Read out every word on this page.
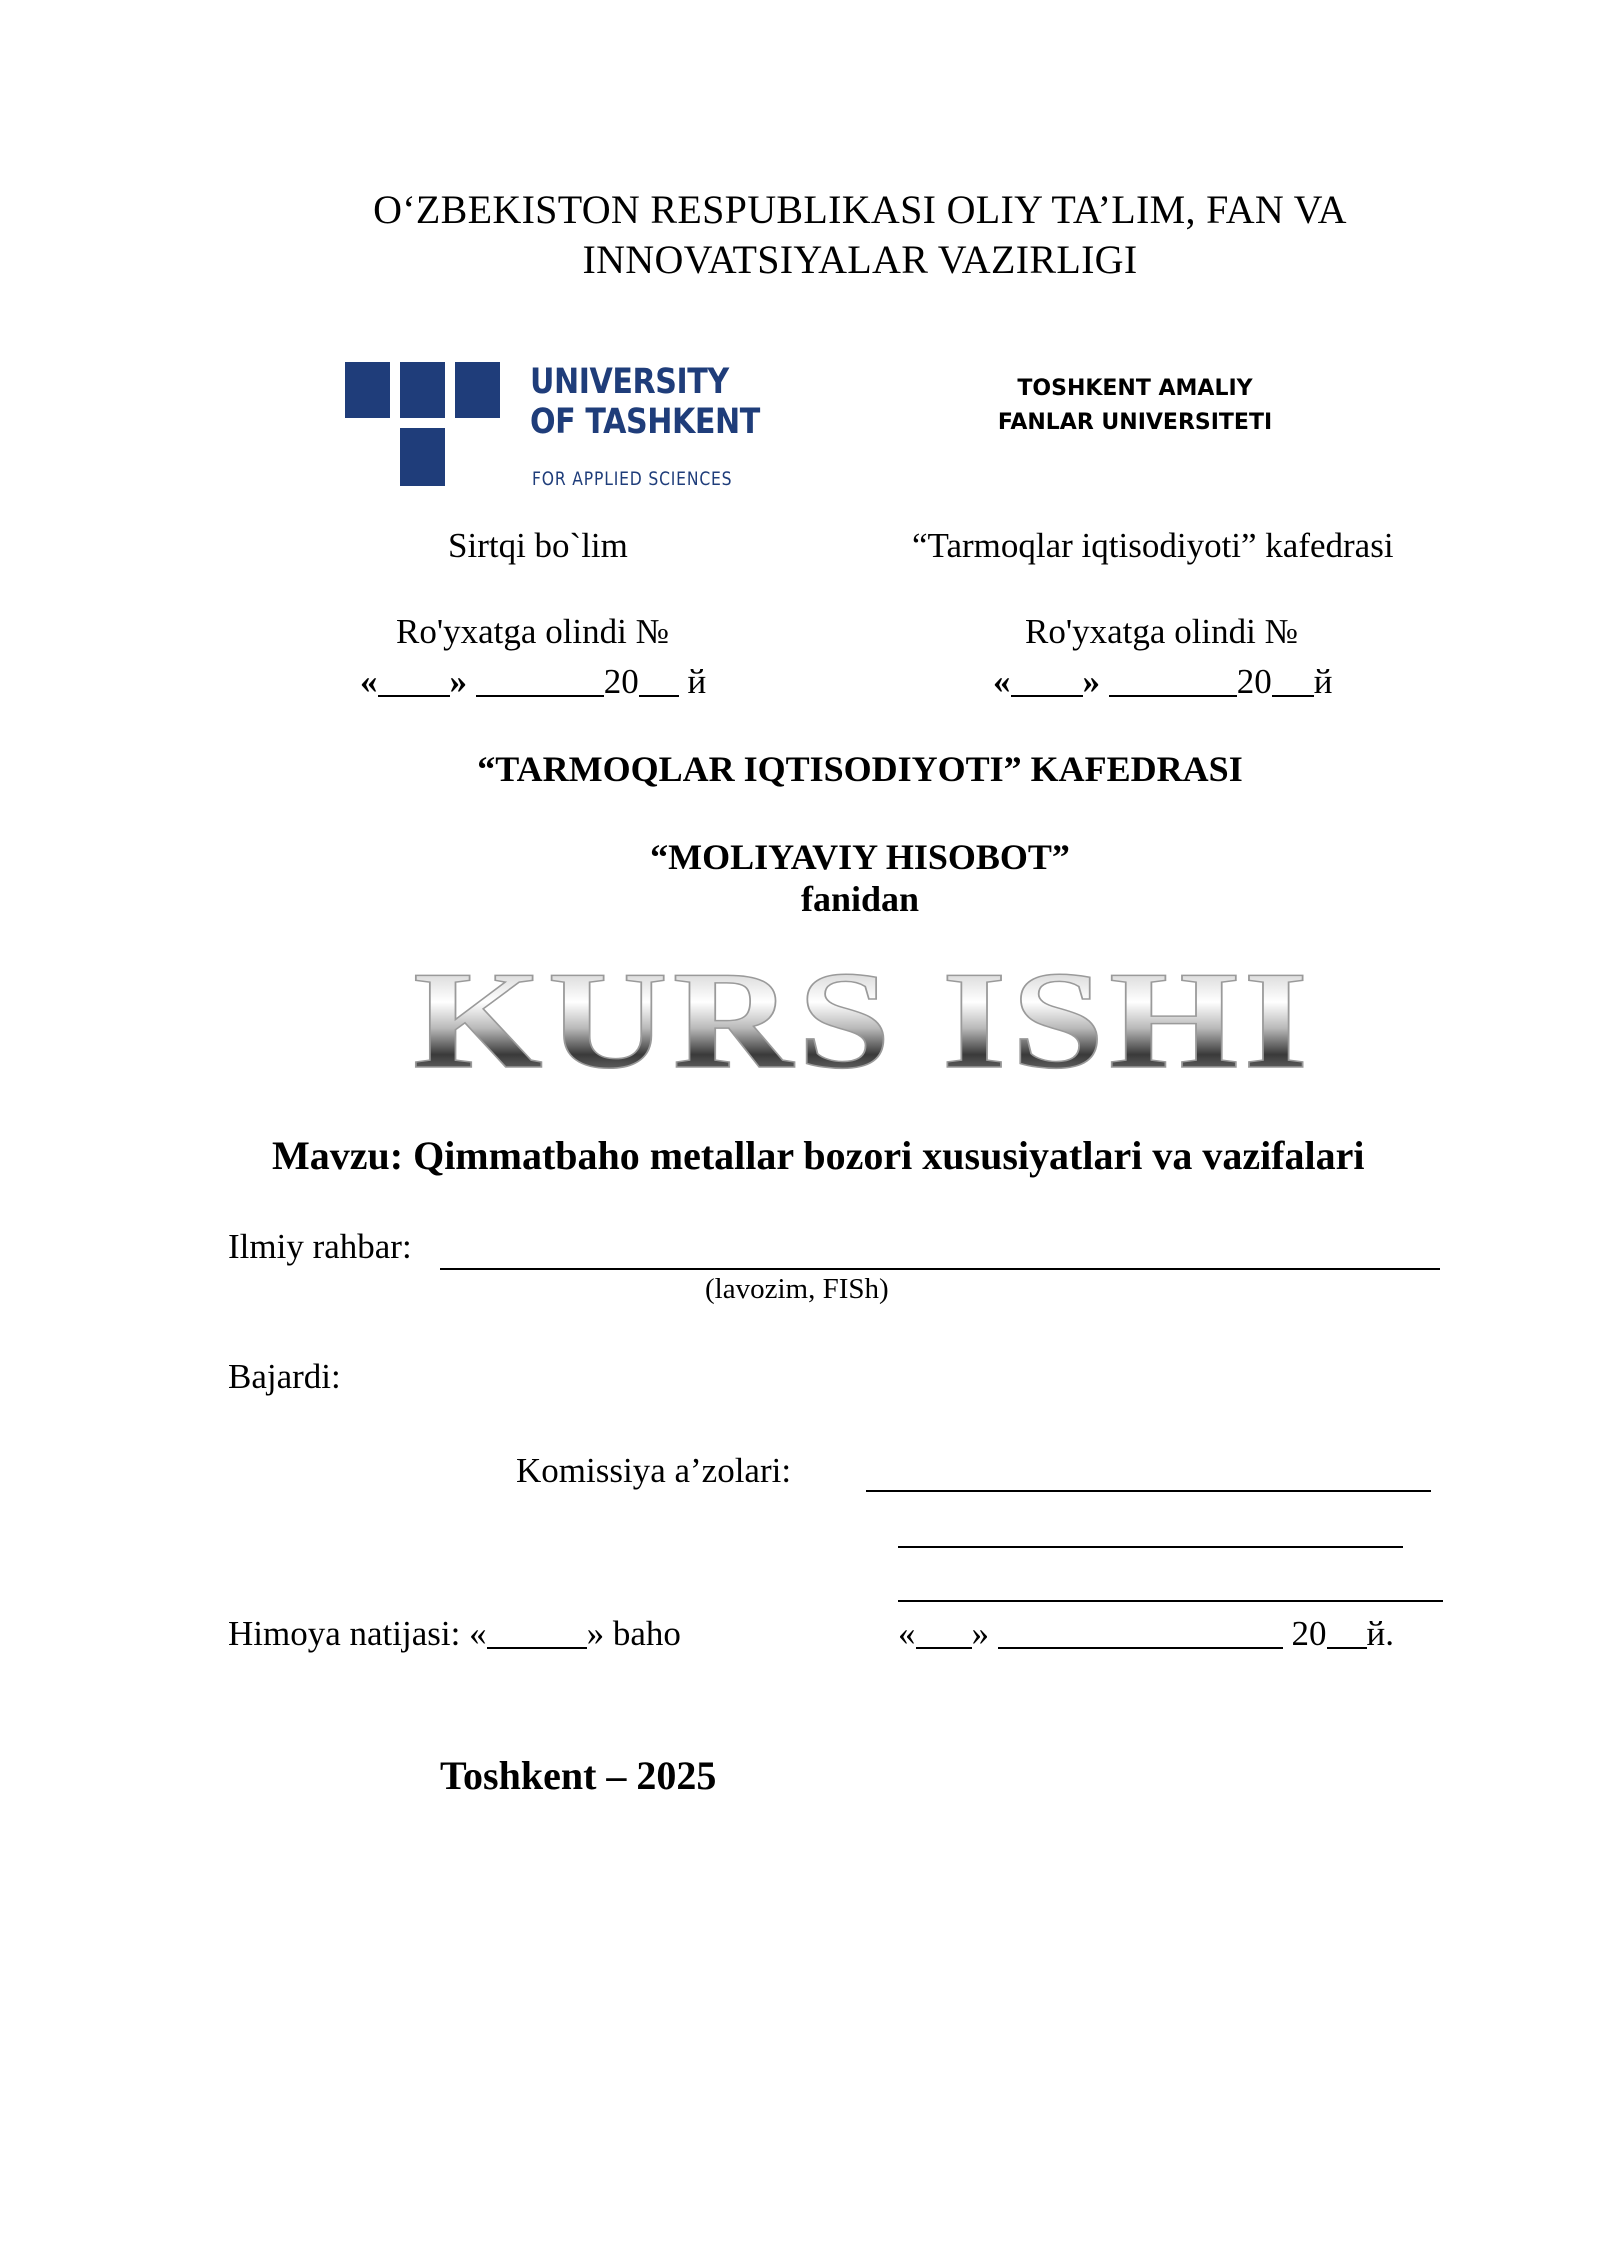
O‘ZBEKISTON RESPUBLIKASI OLIY TA’LIM, FAN VA
INNOVATSIYALAR VAZIRLIGI
UNIVERSITY
OF TASHKENT
FOR APPLIED SCIENCES
TOSHKENT AMALIY
FANLAR UNIVERSITETI
Sirtqi bo`lim	“Tarmoqlar iqtisodiyoti” kafedrasi
Ro'yxatga olindi №	Ro'yxatga olindi №
« »	20 й	« »	20 й
“TARMOQLAR IQTISODIYOTI” KAFEDRASI
“MOLIYAVIY HISOBOT”
fanidan
KURS ISHI
Mavzu: Qimmatbaho metallar bozori xususiyatlari va vazifalari
Ilmiy rahbar:
(lavozim, FISh)
Bajardi:
Komissiya a’zolari:
Himoya natijasi: «	» baho	« »	20 й.
Toshkent – 2025
